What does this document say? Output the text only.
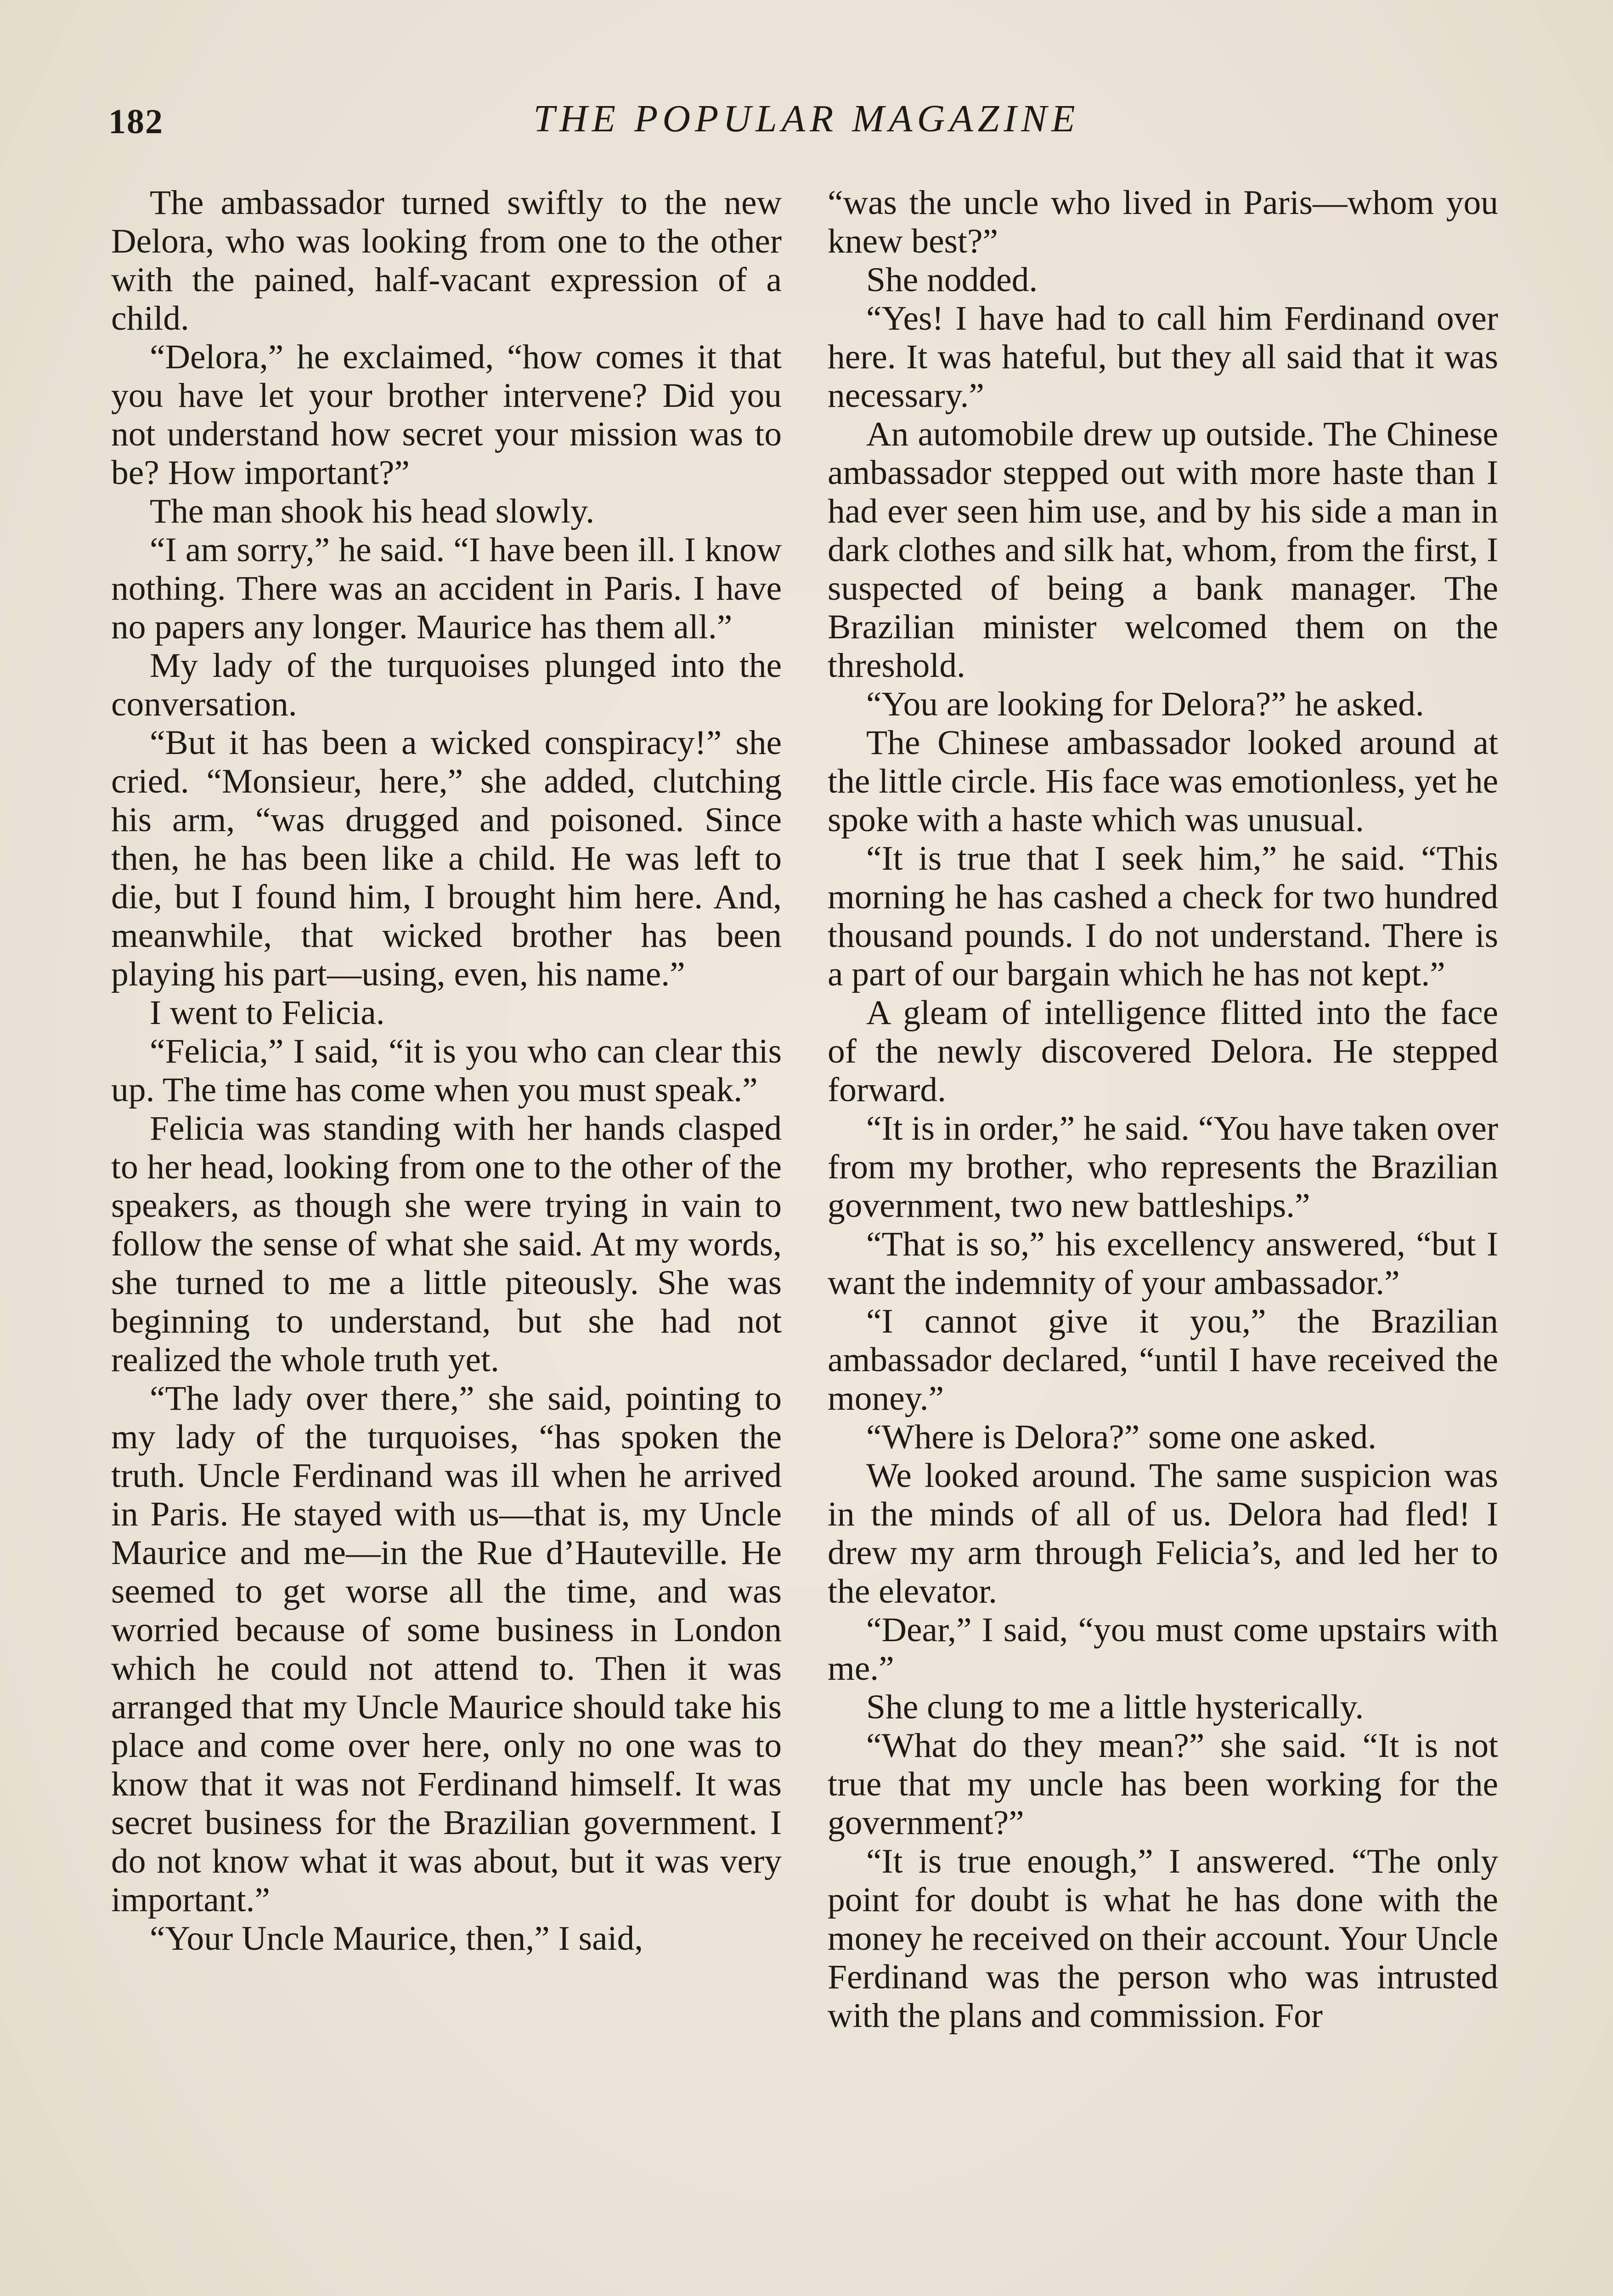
182	THE POPULAR MAGAZINE

The ambassador turned swiftly to the new Delora, who was looking from one to the other with the pained, half-vacant expression of a child.

“Delora,” he exclaimed, “how comes it that you have let your brother intervene? Did you not understand how secret your mission was to be? How important?”

The man shook his head slowly.

“I am sorry,” he said. “I have been ill. I know nothing. There was an accident in Paris. I have no papers any longer. Maurice has them all.”

My lady of the turquoises plunged into the conversation.

“But it has been a wicked conspiracy!” she cried. “Monsieur, here,” she added, clutching his arm, “was drugged and poisoned. Since then, he has been like a child. He was left to die, but I found him, I brought him here. And, meanwhile, that wicked brother has been playing his part—using, even, his name.”

I went to Felicia.

“Felicia,” I said, “it is you who can clear this up. The time has come when you must speak.”

Felicia was standing with her hands clasped to her head, looking from one to the other of the speakers, as though she were trying in vain to follow the sense of what she said. At my words, she turned to me a little piteously. She was beginning to understand, but she had not realized the whole truth yet.

“The lady over there,” she said, pointing to my lady of the turquoises, “has spoken the truth. Uncle Ferdinand was ill when he arrived in Paris. He stayed with us—that is, my Uncle Maurice and me—in the Rue d’Hauteville. He seemed to get worse all the time, and was worried because of some business in London which he could not attend to. Then it was arranged that my Uncle Maurice should take his place and come over here, only no one was to know that it was not Ferdinand himself. It was secret business for the Brazilian government. I do not know what it was about, but it was very important.”

“Your Uncle Maurice, then,” I said,

“was the uncle who lived in Paris—whom you knew best?”

She nodded.

“Yes! I have had to call him Ferdinand over here. It was hateful, but they all said that it was necessary.”

An automobile drew up outside. The Chinese ambassador stepped out with more haste than I had ever seen him use, and by his side a man in dark clothes and silk hat, whom, from the first, I suspected of being a bank manager. The Brazilian minister welcomed them on the threshold.

“You are looking for Delora?” he asked.

The Chinese ambassador looked around at the little circle. His face was emotionless, yet he spoke with a haste which was unusual.

“It is true that I seek him,” he said. “This morning he has cashed a check for two hundred thousand pounds. I do not understand. There is a part of our bargain which he has not kept.”

A gleam of intelligence flitted into the face of the newly discovered Delora. He stepped forward.

“It is in order,” he said. “You have taken over from my brother, who represents the Brazilian government, two new battleships.”

“That is so,” his excellency answered, “but I want the indemnity of your ambassador.”

“I cannot give it you,” the Brazilian ambassador declared, “until I have received the money.”

“Where is Delora?” some one asked.

We looked around. The same suspicion was in the minds of all of us. Delora had fled! I drew my arm through Felicia’s, and led her to the elevator.

“Dear,” I said, “you must come upstairs with me.”

She clung to me a little hysterically.

“What do they mean?” she said. “It is not true that my uncle has been working for the government?”

“It is true enough,” I answered. “The only point for doubt is what he has done with the money he received on their account. Your Uncle Ferdinand was the person who was intrusted with the plans and commission. For
